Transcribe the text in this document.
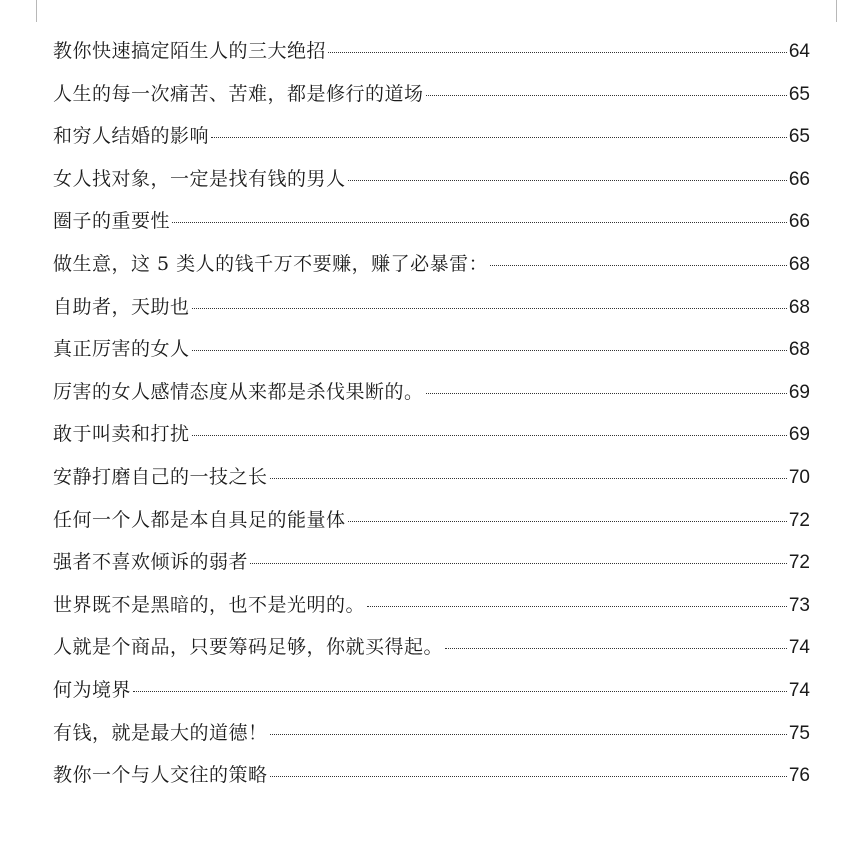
教你快速搞定陌生人的三大绝招	64
人生的每一次痛苦、苦难，都是修行的道场	65
和穷人结婚的影响	65
女人找对象，一定是找有钱的男人	66
圈子的重要性	66
做生意，这 5 类人的钱千万不要赚，赚了必暴雷：	68
自助者，天助也	68
真正厉害的女人	68
厉害的女人感情态度从来都是杀伐果断的。	69
敢于叫卖和打扰	69
安静打磨自己的一技之长	70
任何一个人都是本自具足的能量体	72
强者不喜欢倾诉的弱者	72
世界既不是黑暗的，也不是光明的。	73
人就是个商品，只要筹码足够，你就买得起。	74
何为境界	74
有钱，就是最大的道德！	75
教你一个与人交往的策略	76
